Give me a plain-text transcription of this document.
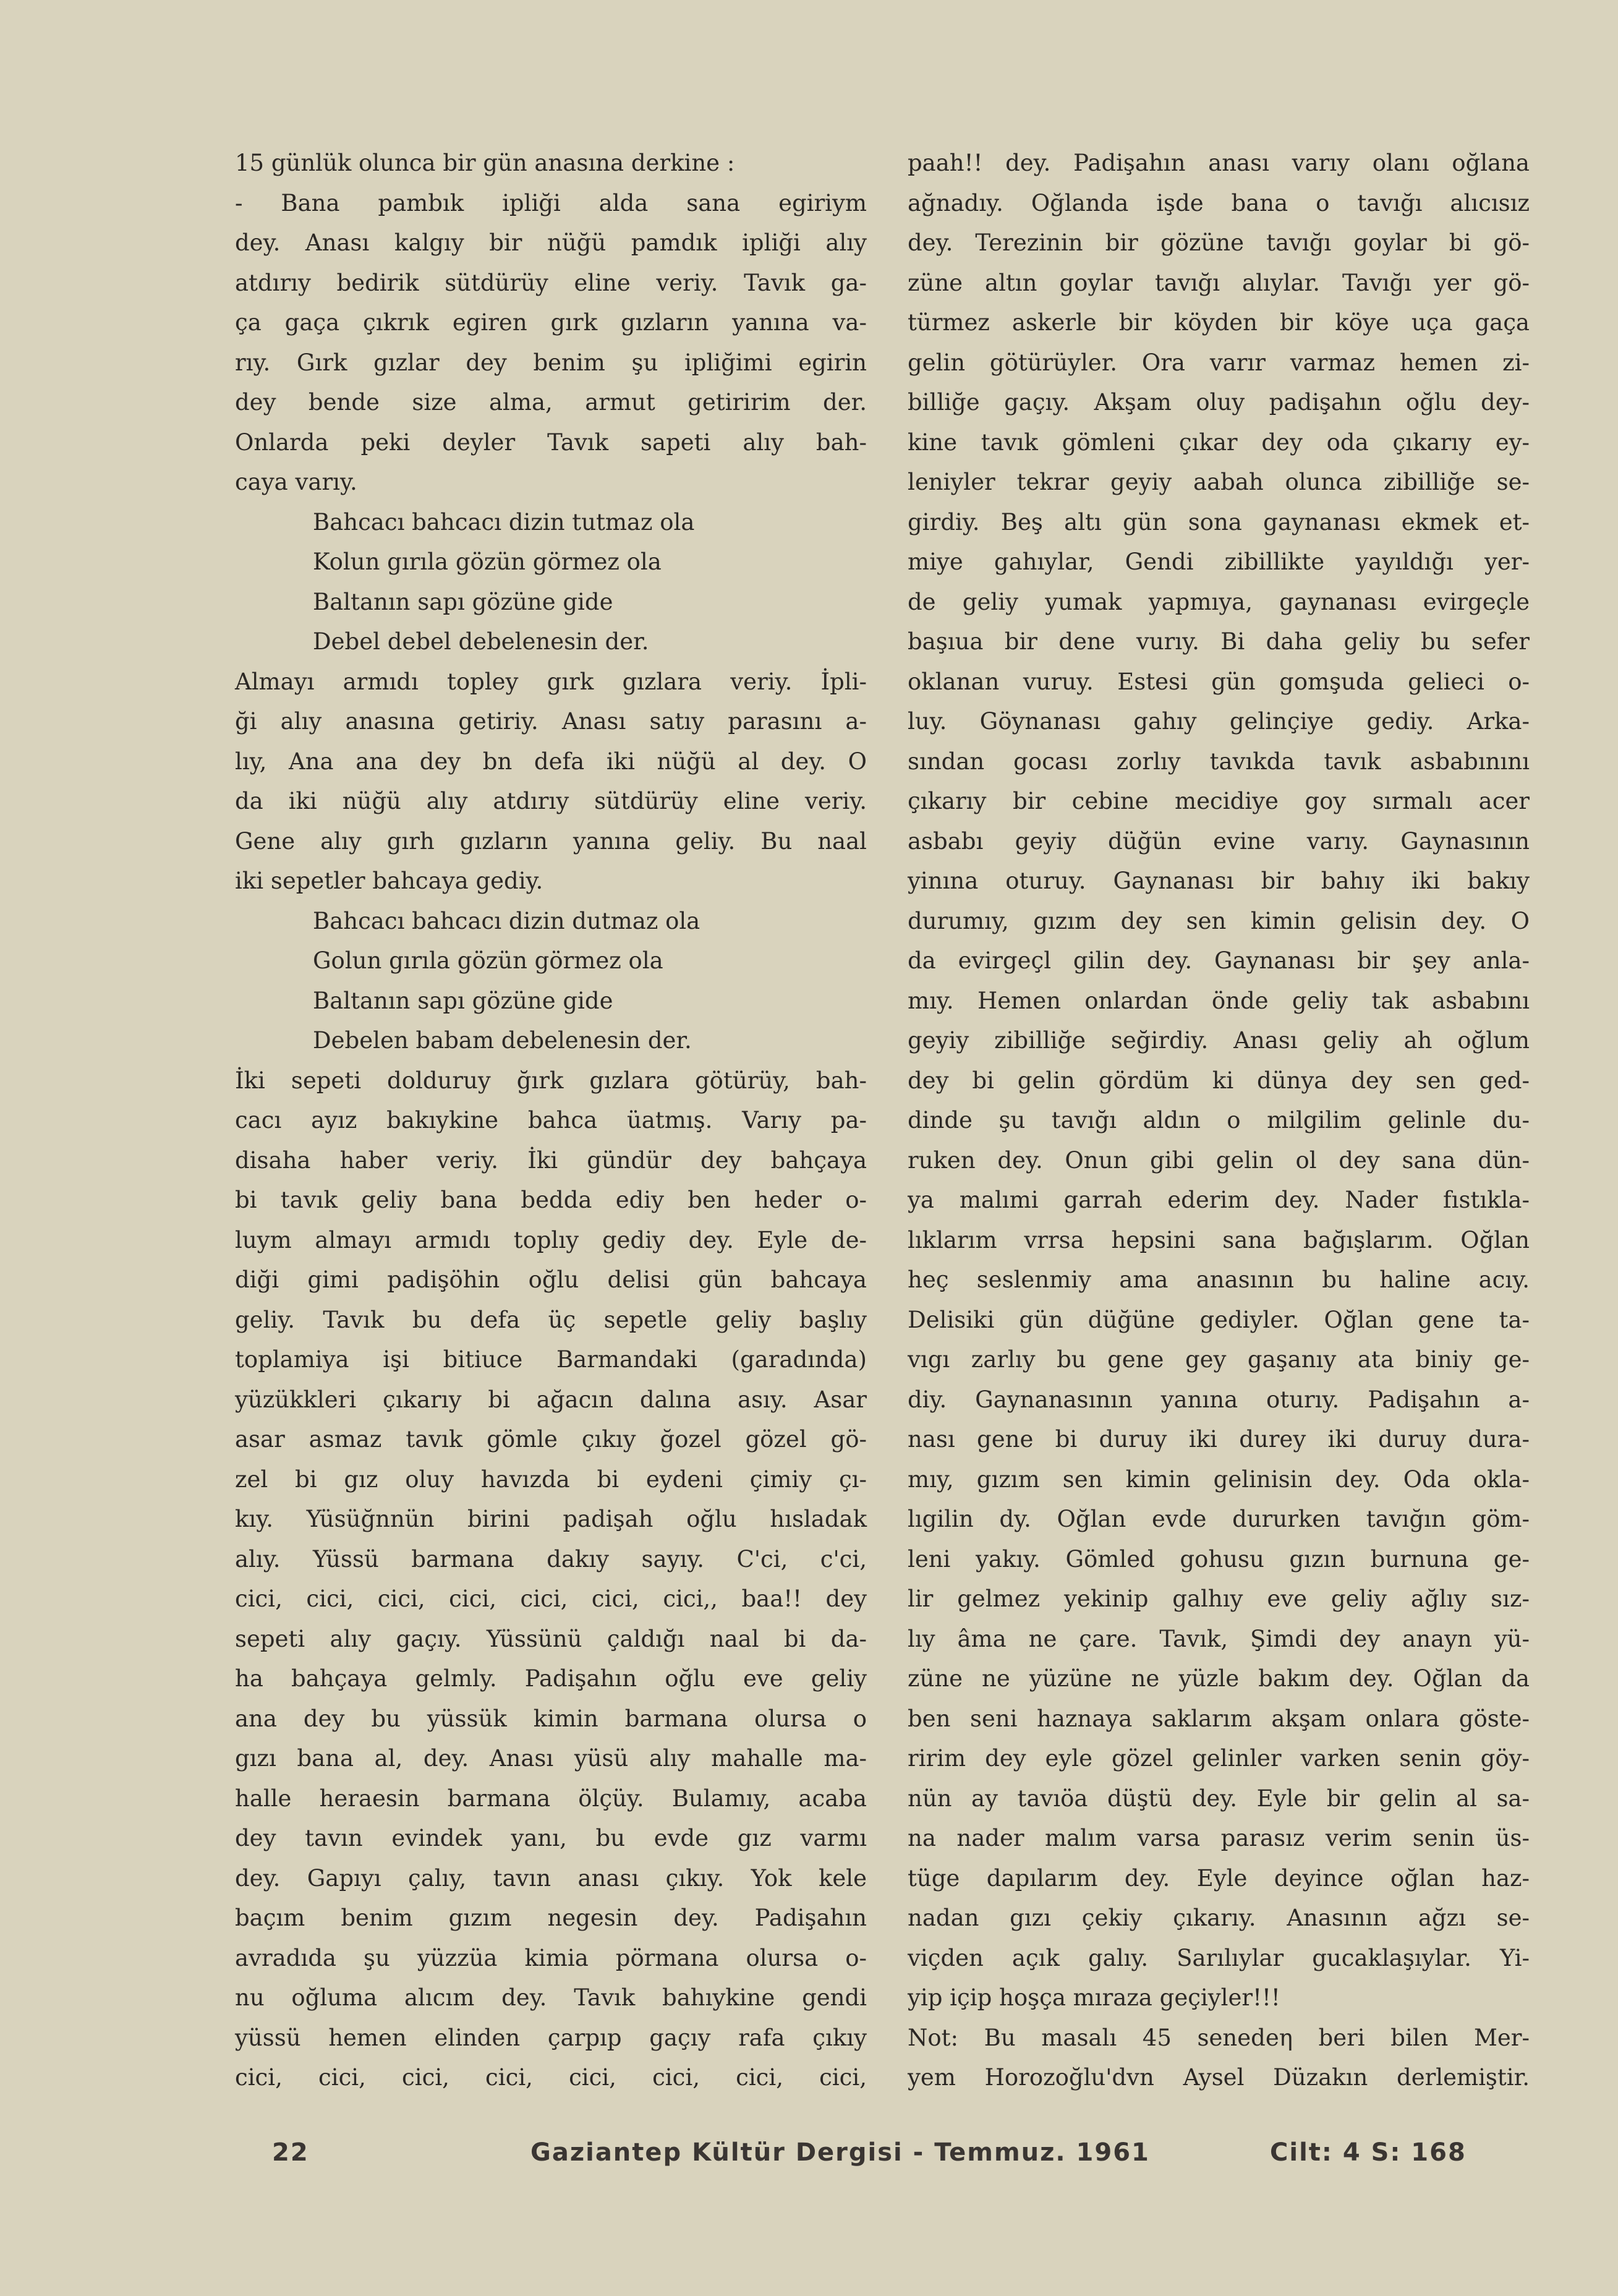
15 günlük olunca bir gün anasına derkine :
- Bana pambık ipliği alda sana egiriym
dey. Anası kalgıy bir nüğü pamdık ipliği alıy
atdırıy bedirik sütdürüy eline veriy. Tavık ga-
ça gaça çıkrık egiren gırk gızların yanına va-
rıy. Gırk gızlar dey benim şu ipliğimi egirin
dey bende size alma, armut getiririm der.
Onlarda peki deyler Tavık sapeti alıy bah-
caya varıy.
Bahcacı bahcacı dizin tutmaz ola
Kolun gırıla gözün görmez ola
Baltanın sapı gözüne gide
Debel debel debelenesin der.
Almayı armıdı topley gırk gızlara veriy. İpli-
ği alıy anasına getiriy. Anası satıy parasını a-
lıy, Ana ana dey bn defa iki nüğü al dey. O
da iki nüğü alıy atdırıy sütdürüy eline veriy.
Gene alıy gırh gızların yanına geliy. Bu naal
iki sepetler bahcaya gediy.
Bahcacı bahcacı dizin dutmaz ola
Golun gırıla gözün görmez ola
Baltanın sapı gözüne gide
Debelen babam debelenesin der.
İki sepeti dolduruy ğırk gızlara götürüy, bah-
cacı ayız bakıykine bahca üatmış. Varıy pa-
disaha haber veriy. İki gündür dey bahçaya
bi tavık geliy bana bedda ediy ben heder o-
luym almayı armıdı toplıy gediy dey. Eyle de-
diği gimi padişöhin oğlu delisi gün bahcaya
geliy. Tavık bu defa üç sepetle geliy başlıy
toplamiya işi bitiuce Barmandaki (garadında)
yüzükkleri çıkarıy bi ağacın dalına asıy. Asar
asar asmaz tavık gömle çıkıy ğozel gözel gö-
zel bi gız oluy havızda bi eydeni çimiy çı-
kıy. Yüsüğnnün birini padişah oğlu hısladak
alıy. Yüssü barmana dakıy sayıy. C'ci, c'ci,
cici, cici, cici, cici, cici, cici, cici,, baa!! dey
sepeti alıy gaçıy. Yüssünü çaldığı naal bi da-
ha bahçaya gelmly. Padişahın oğlu eve geliy
ana dey bu yüssük kimin barmana olursa o
gızı bana al, dey. Anası yüsü alıy mahalle ma-
halle heraesin barmana ölçüy. Bulamıy, acaba
dey tavın evindek yanı, bu evde gız varmı
dey. Gapıyı çalıy, tavın anası çıkıy. Yok kele
baçım benim gızım negesin dey. Padişahın
avradıda şu yüzzüa kimia pörmana olursa o-
nu oğluma alıcım dey. Tavık bahıykine gendi
yüssü hemen elinden çarpıp gaçıy rafa çıkıy
cici, cici, cici, cici, cici, cici, cici, cici,
paah!! dey. Padişahın anası varıy olanı oğlana
ağnadıy. Oğlanda işde bana o tavığı alıcısız
dey. Terezinin bir gözüne tavığı goylar bi gö-
züne altın goylar tavığı alıylar. Tavığı yer gö-
türmez askerle bir köyden bir köye uça gaça
gelin götürüyler. Ora varır varmaz hemen zi-
billiğe gaçıy. Akşam oluy padişahın oğlu dey-
kine tavık gömleni çıkar dey oda çıkarıy ey-
leniyler tekrar geyiy aabah olunca zibilliğe se-
girdiy. Beş altı gün sona gaynanası ekmek et-
miye gahıylar, Gendi zibillikte yayıldığı yer-
de geliy yumak yapmıya, gaynanası evirgeçle
başıua bir dene vurıy. Bi daha geliy bu sefer
oklanan vuruy. Estesi gün gomşuda gelieci o-
luy. Göynanası gahıy gelinçiye gediy. Arka-
sından gocası zorlıy tavıkda tavık asbabınını
çıkarıy bir cebine mecidiye goy sırmalı acer
asbabı geyiy düğün evine varıy. Gaynasının
yinına oturuy. Gaynanası bir bahıy iki bakıy
durumıy, gızım dey sen kimin gelisin dey. O
da evirgeçl gilin dey. Gaynanası bir şey anla-
mıy. Hemen onlardan önde geliy tak asbabını
geyiy zibilliğe seğirdiy. Anası geliy ah oğlum
dey bi gelin gördüm ki dünya dey sen ged-
dinde şu tavığı aldın o milgilim gelinle du-
ruken dey. Onun gibi gelin ol dey sana dün-
ya malımi garrah ederim dey. Nader fıstıkla-
lıklarım vrrsa hepsini sana bağışlarım. Oğlan
heç seslenmiy ama anasının bu haline acıy.
Delisiki gün düğüne gediyler. Oğlan gene ta-
vıgı zarlıy bu gene gey gaşanıy ata biniy ge-
diy. Gaynanasının yanına oturıy. Padişahın a-
nası gene bi duruy iki durey iki duruy dura-
mıy, gızım sen kimin gelinisin dey. Oda okla-
lıgilin dy. Oğlan evde dururken tavığın göm-
leni yakıy. Gömled gohusu gızın burnuna ge-
lir gelmez yekinip galhıy eve geliy ağlıy sız-
lıy âma ne çare. Tavık, Şimdi dey anayn yü-
züne ne yüzüne ne yüzle bakım dey. Oğlan da
ben seni haznaya saklarım akşam onlara göste-
ririm dey eyle gözel gelinler varken senin göy-
nün ay tavıöa düştü dey. Eyle bir gelin al sa-
na nader malım varsa parasız verim senin üs-
tüge dapılarım dey. Eyle deyince oğlan haz-
nadan gızı çekiy çıkarıy. Anasının ağzı se-
viçden açık galıy. Sarılıylar gucaklaşıylar. Yi-
yip içip hoşça mıraza geçiyler!!!
Not: Bu masalı 45 senedeη beri bilen Mer-
yem Horozoğlu'dvn Aysel Düzakın derlemiştir.
22	Gaziantep Kültür Dergisi - Temmuz. 1961	Cilt: 4 S: 168
